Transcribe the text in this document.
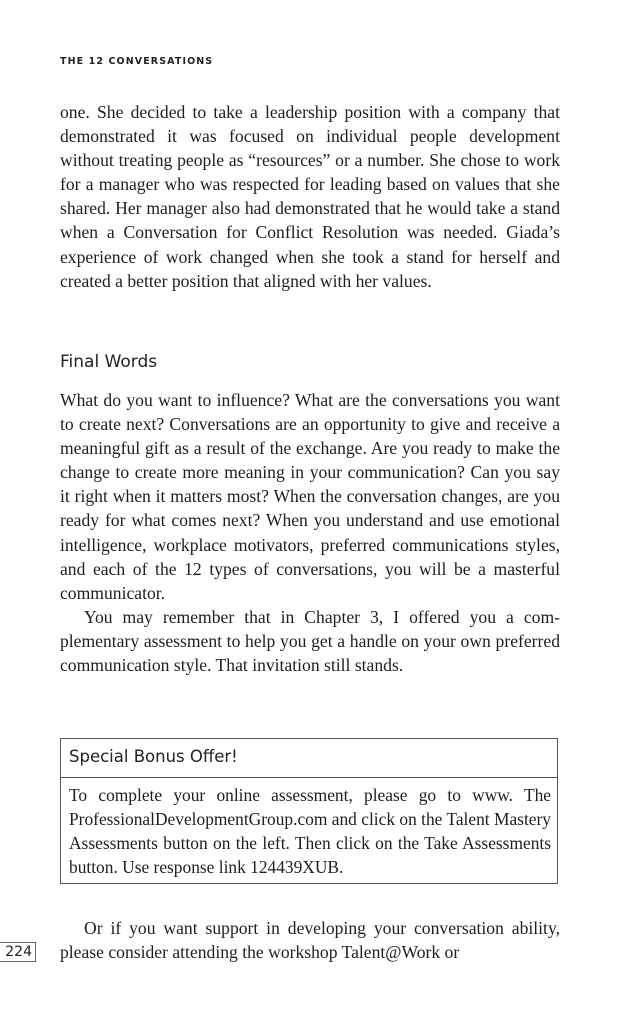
THE 12 CONVERSATIONS

one. She decided to take a leadership position with a company that demonstrated it was focused on individual people development without treating people as “resources” or a number. She chose to work for a manager who was respected for leading based on values that she shared. Her manager also had demonstrated that he would take a stand when a Conversation for Conflict Resolution was needed. Giada’s experience of work changed when she took a stand for herself and created a better position that aligned with her values.

Final Words

What do you want to influence? What are the conversations you want to create next? Conversations are an opportunity to give and receive a meaningful gift as a result of the exchange. Are you ready to make the change to create more meaning in your communication? Can you say it right when it matters most? When the conversation changes, are you ready for what comes next? When you understand and use emotional intelligence, workplace motivators, preferred communications styles, and each of the 12 types of conversations, you will be a masterful communicator.

You may remember that in Chapter 3, I offered you a complementary assessment to help you get a handle on your own preferred communication style. That invitation still stands.

Special Bonus Offer!
To complete your online assessment, please go to www. The ProfessionalDevelopmentGroup.com and click on the Talent Mastery Assessments button on the left. Then click on the Take Assessments button. Use response link 124439XUB.

Or if you want support in developing your conversation ability, please consider attending the workshop Talent@Work or

224
